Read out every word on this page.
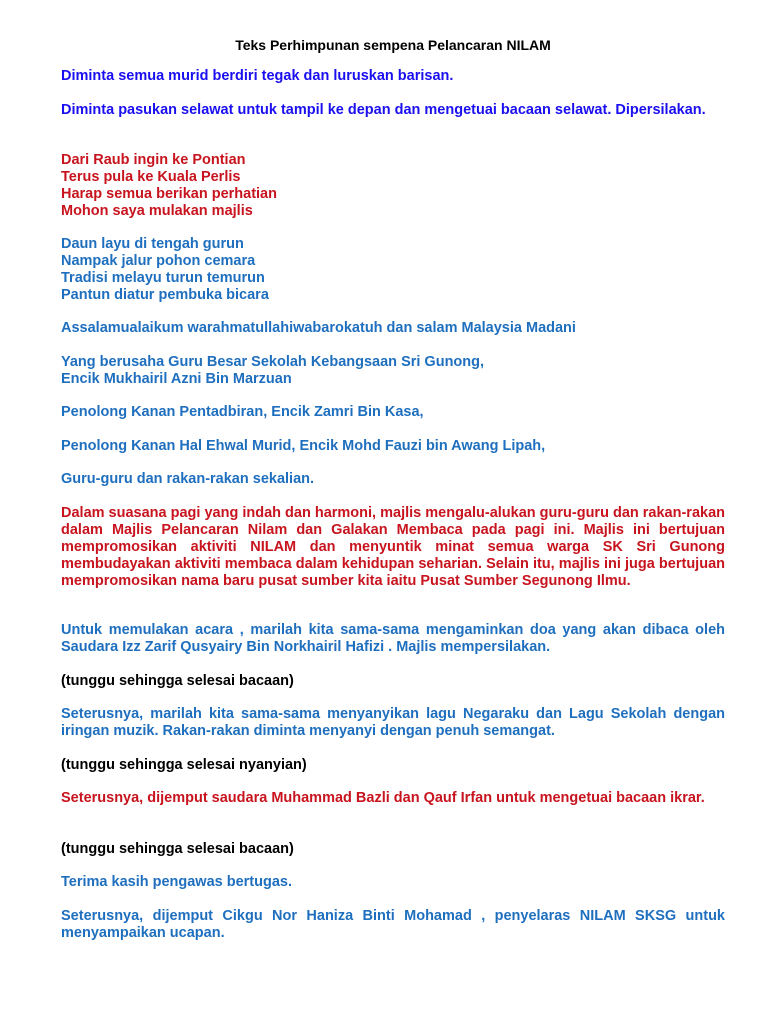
Teks Perhimpunan sempena Pelancaran NILAM

Diminta semua murid berdiri tegak dan luruskan barisan.

Diminta pasukan selawat untuk tampil ke depan dan mengetuai bacaan selawat. Dipersilakan.

Dari Raub ingin ke Pontian
Terus pula ke Kuala Perlis
Harap semua berikan perhatian
Mohon saya mulakan majlis
Daun layu di tengah gurun
Nampak jalur pohon cemara
Tradisi melayu turun temurun
Pantun diatur pembuka bicara

Assalamualaikum warahmatullahiwabarokatuh dan salam Malaysia Madani

Yang berusaha Guru Besar Sekolah Kebangsaan Sri Gunong,
Encik Mukhairil Azni Bin Marzuan

Penolong Kanan Pentadbiran, Encik Zamri Bin Kasa,

Penolong Kanan Hal Ehwal Murid, Encik Mohd Fauzi bin Awang Lipah,

Guru-guru dan rakan-rakan sekalian.

Dalam suasana pagi yang indah dan harmoni, majlis mengalu-alukan guru-guru dan rakan-rakan dalam Majlis Pelancaran Nilam dan Galakan Membaca pada pagi ini. Majlis ini bertujuan mempromosikan aktiviti NILAM dan menyuntik minat semua warga SK Sri Gunong membudayakan aktiviti membaca dalam kehidupan seharian. Selain itu, majlis ini juga bertujuan mempromosikan nama baru pusat sumber kita iaitu Pusat Sumber Segunong Ilmu.

Untuk memulakan acara , marilah kita sama-sama mengaminkan doa yang akan dibaca oleh Saudara Izz Zarif Qusyairy Bin Norkhairil Hafizi . Majlis mempersilakan.

(tunggu sehingga selesai bacaan)

Seterusnya, marilah kita sama-sama menyanyikan lagu Negaraku dan Lagu Sekolah dengan iringan muzik. Rakan-rakan diminta menyanyi dengan penuh semangat.

(tunggu sehingga selesai nyanyian)

Seterusnya, dijemput saudara Muhammad Bazli dan Qauf Irfan untuk mengetuai bacaan ikrar.

(tunggu sehingga selesai bacaan)

Terima kasih pengawas bertugas.

Seterusnya, dijemput Cikgu Nor Haniza Binti Mohamad , penyelaras NILAM SKSG untuk menyampaikan ucapan.
